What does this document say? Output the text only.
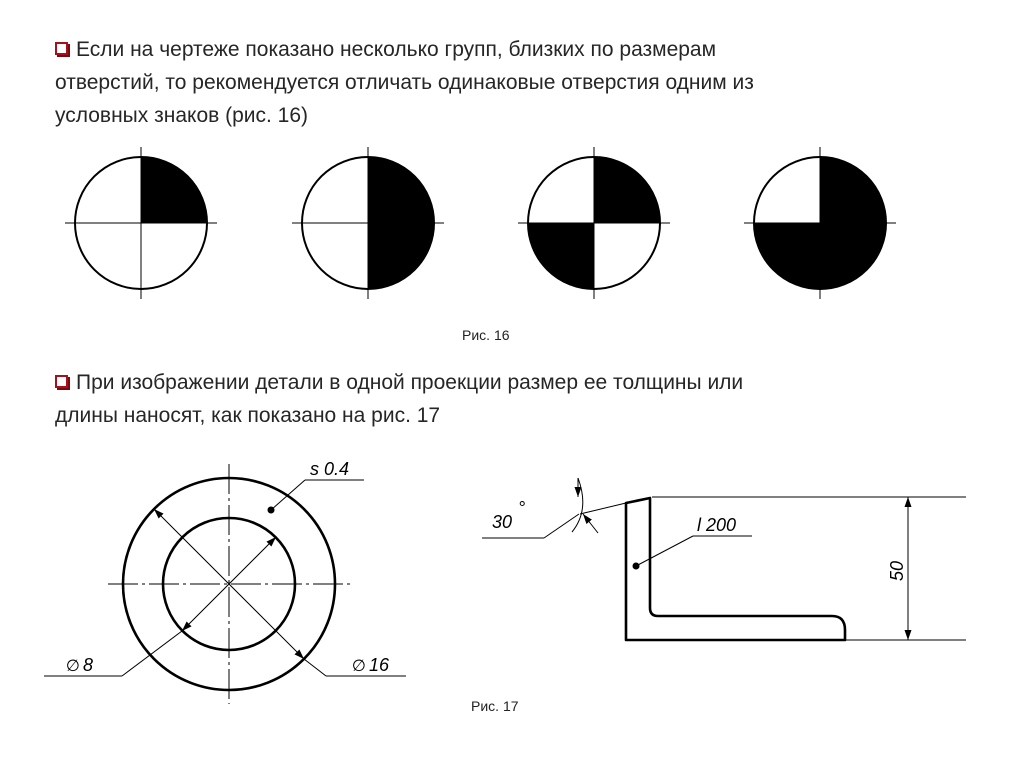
Если на чертеже показано несколько групп, близких по размерам
отверстий, то рекомендуется отличать одинаковые отверстия одним из
условных знаков (рис. 16)
Рис. 16
При изображении детали в одной проекции размер ее толщины или
длины наносят, как показано на рис. 17
s 0.4
∅ 8	∅ 16
30
°
l 200
50
Рис. 17
